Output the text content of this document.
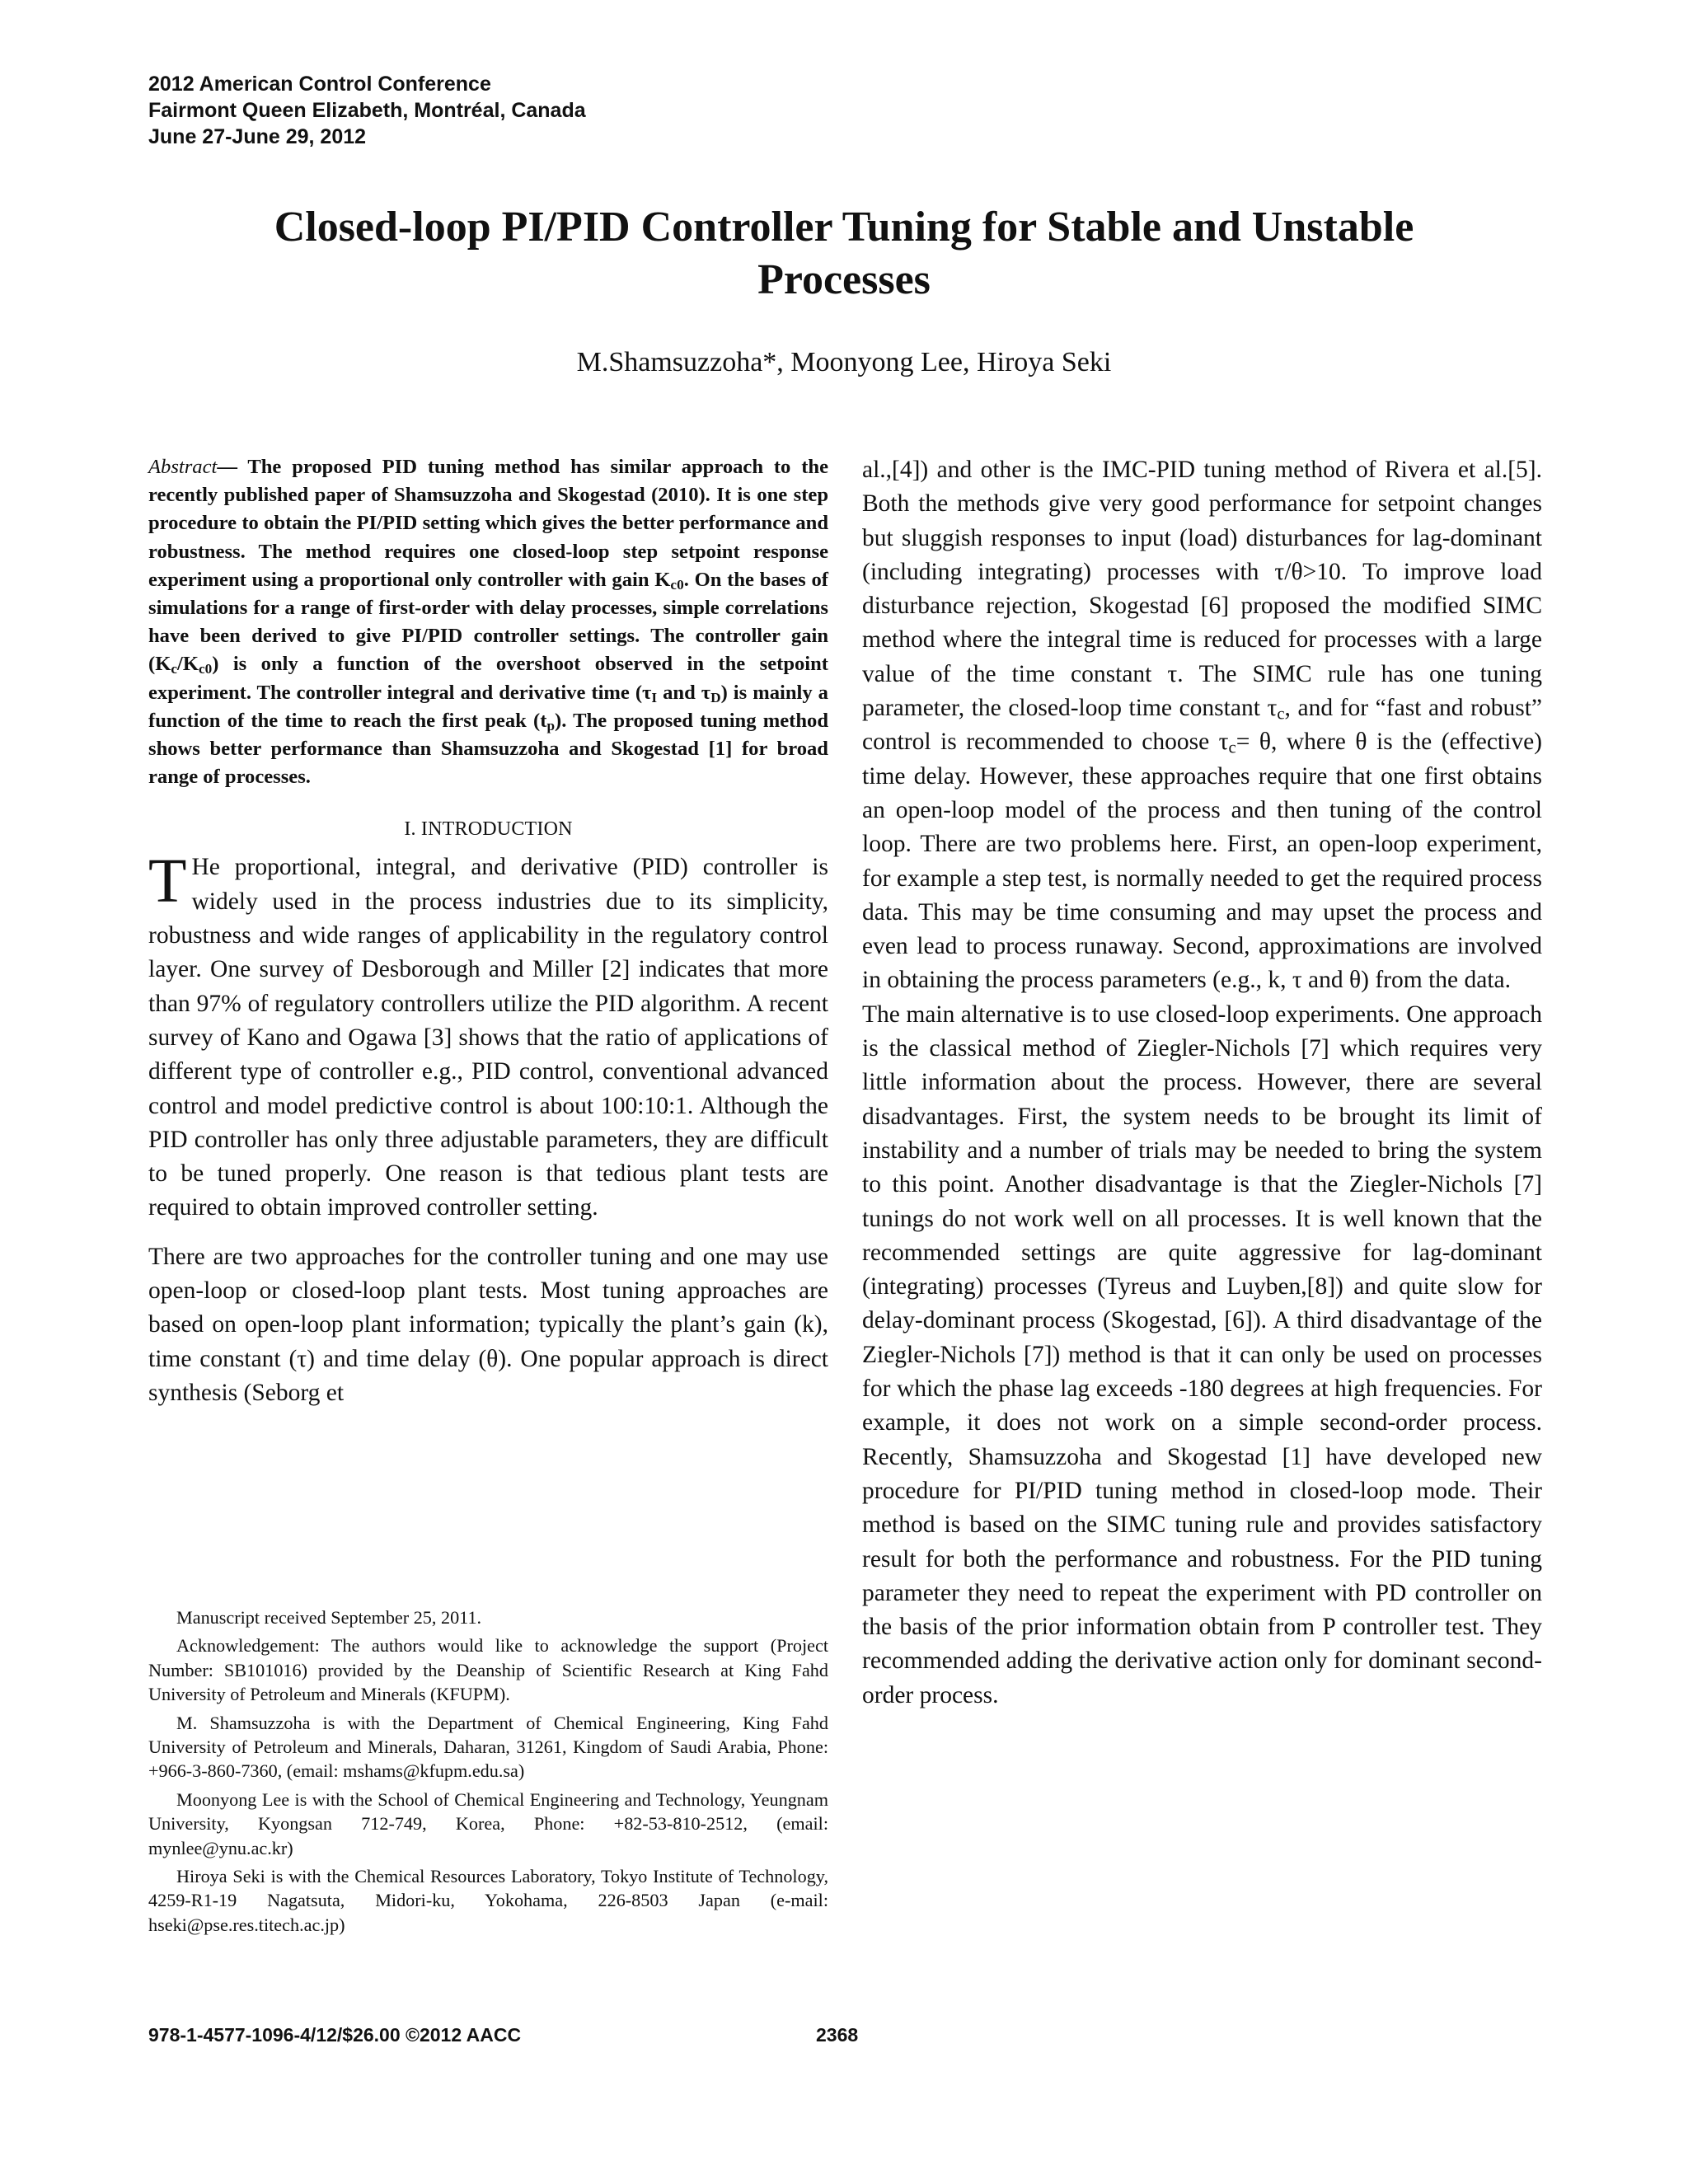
2012 American Control Conference
Fairmont Queen Elizabeth, Montréal, Canada
June 27-June 29, 2012
Closed-loop PI/PID Controller Tuning for Stable and Unstable
Processes
M.Shamsuzzoha*, Moonyong Lee, Hiroya Seki

Abstract— The proposed PID tuning method has similar approach to the recently published paper of Shamsuzzoha and Skogestad (2010). It is one step procedure to obtain the PI/PID setting which gives the better performance and robustness. The method requires one closed-loop step setpoint response experiment using a proportional only controller with gain $K_{c0}$. On the bases of simulations for a range of first-order with delay processes, simple correlations have been derived to give PI/PID controller settings. The controller gain $(K_c/K_{c0})$ is only a function of the overshoot observed in the setpoint experiment. The controller integral and derivative time ($\tau_I$ and $\tau_D$) is mainly a function of the time to reach the first peak $(t_p)$. The proposed tuning method shows better performance than Shamsuzzoha and Skogestad [1] for broad range of processes.

I. INTRODUCTION

T He proportional, integral, and derivative (PID) controller is widely used in the process industries due to its simplicity, robustness and wide ranges of applicability in the regulatory control layer. One survey of Desborough and Miller [2] indicates that more than 97% of regulatory controllers utilize the PID algorithm. A recent survey of Kano and Ogawa [3] shows that the ratio of applications of different type of controller e.g., PID control, conventional advanced control and model predictive control is about 100:10:1. Although the PID controller has only three adjustable parameters, they are difficult to be tuned properly. One reason is that tedious plant tests are required to obtain improved controller setting.

There are two approaches for the controller tuning and one may use open-loop or closed-loop plant tests. Most tuning approaches are based on open-loop plant information; typically the plant’s gain (k), time constant (τ) and time delay (θ). One popular approach is direct synthesis (Seborg et

Manuscript received September 25, 2011.

Acknowledgement: The authors would like to acknowledge the support (Project Number: SB101016) provided by the Deanship of Scientific Research at King Fahd University of Petroleum and Minerals (KFUPM).

M. Shamsuzzoha is with the Department of Chemical Engineering, King Fahd University of Petroleum and Minerals, Daharan, 31261, Kingdom of Saudi Arabia, Phone: +966-3-860-7360, (email: mshams@kfupm.edu.sa)

Moonyong Lee is with the School of Chemical Engineering and Technology, Yeungnam University, Kyongsan 712-749, Korea, Phone: +82-53-810-2512, (email: mynlee@ynu.ac.kr)

Hiroya Seki is with the Chemical Resources Laboratory, Tokyo Institute of Technology, 4259-R1-19 Nagatsuta, Midori-ku, Yokohama, 226-8503 Japan (e-mail: hseki@pse.res.titech.ac.jp)

al.,[4]) and other is the IMC-PID tuning method of Rivera et al.[5]. Both the methods give very good performance for setpoint changes but sluggish responses to input (load) disturbances for lag-dominant (including integrating) processes with τ/θ>10. To improve load disturbance rejection, Skogestad [6] proposed the modified SIMC method where the integral time is reduced for processes with a large value of the time constant τ. The SIMC rule has one tuning parameter, the closed-loop time constant $\tau_c$, and for “fast and robust” control is recommended to choose $\tau_c= \theta$, where θ is the (effective) time delay. However, these approaches require that one first obtains an open-loop model of the process and then tuning of the control loop. There are two problems here. First, an open-loop experiment, for example a step test, is normally needed to get the required process data. This may be time consuming and may upset the process and even lead to process runaway. Second, approximations are involved in obtaining the process parameters (e.g., k, τ and θ) from the data.

The main alternative is to use closed-loop experiments. One approach is the classical method of Ziegler-Nichols [7] which requires very little information about the process. However, there are several disadvantages. First, the system needs to be brought its limit of instability and a number of trials may be needed to bring the system to this point. Another disadvantage is that the Ziegler-Nichols [7] tunings do not work well on all processes. It is well known that the recommended settings are quite aggressive for lag-dominant (integrating) processes (Tyreus and Luyben,[8]) and quite slow for delay-dominant process (Skogestad, [6]). A third disadvantage of the Ziegler-Nichols [7]) method is that it can only be used on processes for which the phase lag exceeds -180 degrees at high frequencies. For example, it does not work on a simple second-order process. Recently, Shamsuzzoha and Skogestad [1] have developed new procedure for PI/PID tuning method in closed-loop mode. Their method is based on the SIMC tuning rule and provides satisfactory result for both the performance and robustness. For the PID tuning parameter they need to repeat the experiment with PD controller on the basis of the prior information obtain from P controller test. They recommended adding the derivative action only for dominant second-order process.

978-1-4577-1096-4/12/$26.00 ©2012 AACC	2368
